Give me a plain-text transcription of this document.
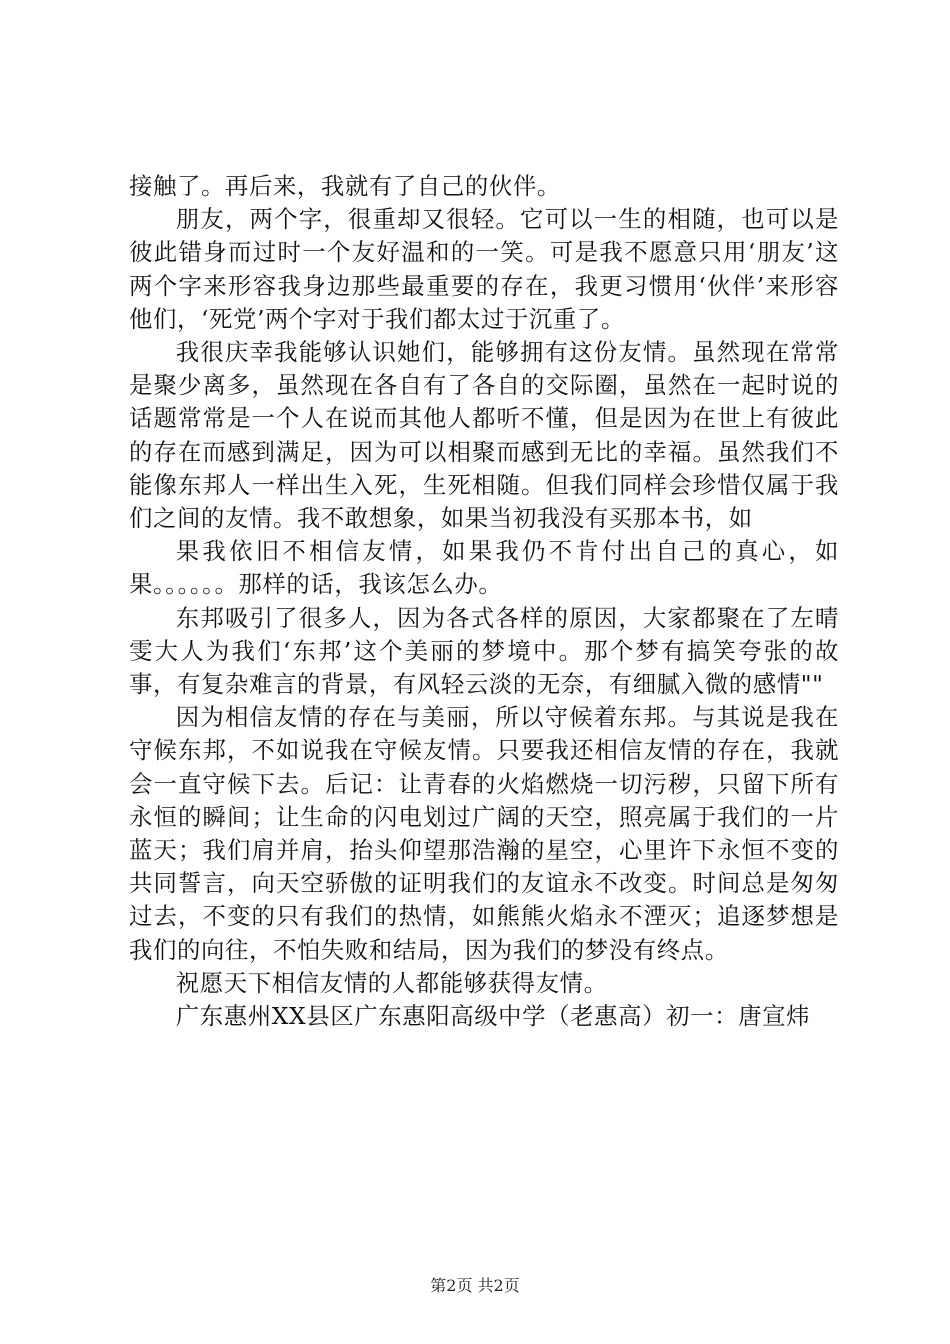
接触了。再后来，我就有了自己的伙伴。

朋友，两个字，很重却又很轻。它可以一生的相随，也可以是彼此错身而过时一个友好温和的一笑。可是我不愿意只用‘朋友’这两个字来形容我身边那些最重要的存在，我更习惯用‘伙伴’来形容他们，‘死党’两个字对于我们都太过于沉重了。

我很庆幸我能够认识她们，能够拥有这份友情。虽然现在常常是聚少离多，虽然现在各自有了各自的交际圈，虽然在一起时说的话题常常是一个人在说而其他人都听不懂，但是因为在世上有彼此的存在而感到满足，因为可以相聚而感到无比的幸福。虽然我们不能像东邦人一样出生入死，生死相随。但我们同样会珍惜仅属于我们之间的友情。我不敢想象，如果当初我没有买那本书，如

果我依旧不相信友情，如果我仍不肯付出自己的真心，如果。。。。。。那样的话，我该怎么办。

东邦吸引了很多人，因为各式各样的原因，大家都聚在了左晴雯大人为我们‘东邦’这个美丽的梦境中。那个梦有搞笑夸张的故事，有复杂难言的背景，有风轻云淡的无奈，有细腻入微的感情""

因为相信友情的存在与美丽，所以守候着东邦。与其说是我在守候东邦，不如说我在守候友情。只要我还相信友情的存在，我就会一直守候下去。后记：让青春的火焰燃烧一切污秽，只留下所有永恒的瞬间；让生命的闪电划过广阔的天空，照亮属于我们的一片蓝天；我们肩并肩，抬头仰望那浩瀚的星空，心里许下永恒不变的共同誓言，向天空骄傲的证明我们的友谊永不改变。时间总是匆匆过去，不变的只有我们的热情，如熊熊火焰永不湮灭；追逐梦想是我们的向往，不怕失败和结局，因为我们的梦没有终点。

祝愿天下相信友情的人都能够获得友情。

广东惠州XX县区广东惠阳高级中学（老惠高）初一：唐宣炜

第2页 共2页
